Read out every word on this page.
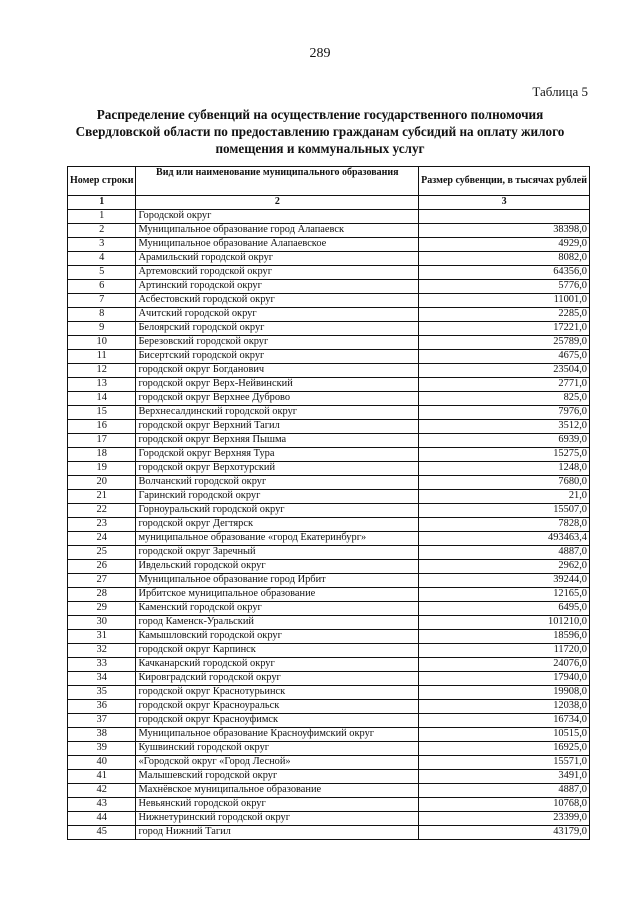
289
Таблица 5
Распределение субвенций на осуществление государственного полномочия Свердловской области по предоставлению гражданам субсидий на оплату жилого помещения и коммунальных услуг
Номер строки	Вид или наименование муниципального образования	Размер субвенции, в тысячах рублей
1	2	3
1	Городской округ	
2	Муниципальное образование город Алапаевск	38398,0
3	Муниципальное образование Алапаевское	4929,0
4	Арамильский городской округ	8082,0
5	Артемовский городской округ	64356,0
6	Артинский городской округ	5776,0
7	Асбестовский городской округ	11001,0
8	Ачитский городской округ	2285,0
9	Белоярский городской округ	17221,0
10	Березовский городской округ	25789,0
11	Бисертский городской округ	4675,0
12	городской округ Богданович	23504,0
13	городской округ Верх-Нейвинский	2771,0
14	городской округ Верхнее Дуброво	825,0
15	Верхнесалдинский городской округ	7976,0
16	городской округ Верхний Тагил	3512,0
17	городской округ Верхняя Пышма	6939,0
18	Городской округ Верхняя Тура	15275,0
19	городской округ Верхотурский	1248,0
20	Волчанский городской округ	7680,0
21	Гаринский городской округ	21,0
22	Горноуральский городской округ	15507,0
23	городской округ Дегтярск	7828,0
24	муниципальное образование «город Екатеринбург»	493463,4
25	городской округ Заречный	4887,0
26	Ивдельский городской округ	2962,0
27	Муниципальное образование город Ирбит	39244,0
28	Ирбитское муниципальное образование	12165,0
29	Каменский городской округ	6495,0
30	город Каменск-Уральский	101210,0
31	Камышловский городской округ	18596,0
32	городской округ Карпинск	11720,0
33	Качканарский городской округ	24076,0
34	Кировградский городской округ	17940,0
35	городской округ Краснотурьинск	19908,0
36	городской округ Красноуральск	12038,0
37	городской округ Красноуфимск	16734,0
38	Муниципальное образование Красноуфимский округ	10515,0
39	Кушвинский городской округ	16925,0
40	«Городской округ «Город Лесной»	15571,0
41	Малышевский городской округ	3491,0
42	Махнёвское муниципальное образование	4887,0
43	Невьянский городской округ	10768,0
44	Нижнетуринский городской округ	23399,0
45	город Нижний Тагил	43179,0
